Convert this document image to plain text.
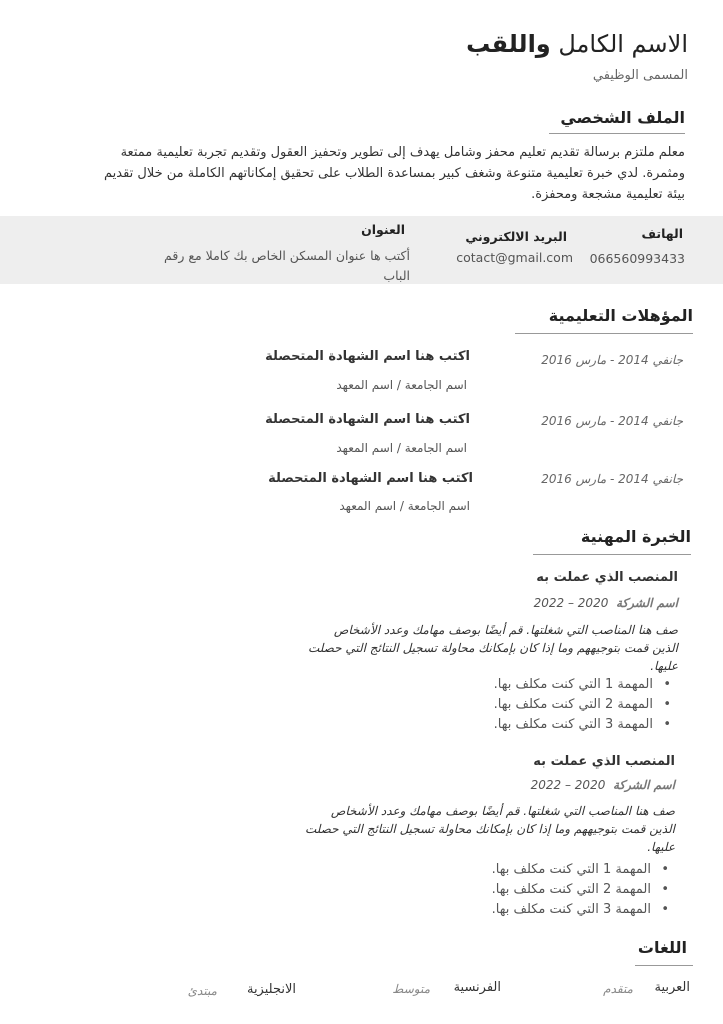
الاسم الكامل واللقب
المسمى الوظيفي
الملف الشخصي
معلم ملتزم برسالة تقديم تعليم محفز وشامل يهدف إلى تطوير وتحفيز العقول وتقديم تجربة تعليمية ممتعة ومثمرة. لدي خبرة تعليمية متنوعة وشغف كبير بمساعدة الطلاب على تحقيق إمكاناتهم الكاملة من خلال تقديم بيئة تعليمية مشجعة ومحفزة.
الهاتف
066560993433
البريد الالكتروني
cotact@gmail.com
العنوان
أكتب ها عنوان المسكن الخاص بك كاملا مع رقم الباب
المؤهلات التعليمية
جانفي 2014 - مارس 2016
اكتب هنا اسم الشهادة المتحصلة
اسم الجامعة / اسم المعهد
جانفي 2014 - مارس 2016
اكتب هنا اسم الشهادة المتحصلة
اسم الجامعة / اسم المعهد
جانفي 2014 - مارس 2016
اكتب هنا اسم الشهادة المتحصلة
اسم الجامعة / اسم المعهد
الخبرة المهنية
المنصب الذي عملت به
اسم الشركة  2020 – 2022
صف هنا المناصب التي شغلتها. قم أيضًا بوصف مهامك وعدد الأشخاص الذين قمت بتوجيههم وما إذا كان بإمكانك محاولة تسجيل النتائج التي حصلت عليها.
•
المهمة 1 التي كنت مكلف بها.
•
المهمة 2 التي كنت مكلف بها.
•
المهمة 3 التي كنت مكلف بها.
المنصب الذي عملت به
اسم الشركة  2020 – 2022
صف هنا المناصب التي شغلتها. قم أيضًا بوصف مهامك وعدد الأشخاص الذين قمت بتوجيههم وما إذا كان بإمكانك محاولة تسجيل النتائج التي حصلت عليها.
•
المهمة 1 التي كنت مكلف بها.
•
المهمة 2 التي كنت مكلف بها.
•
المهمة 3 التي كنت مكلف بها.
اللغات
العربية
متقدم
الفرنسية
متوسط
الانجليزية
مبتدئ
